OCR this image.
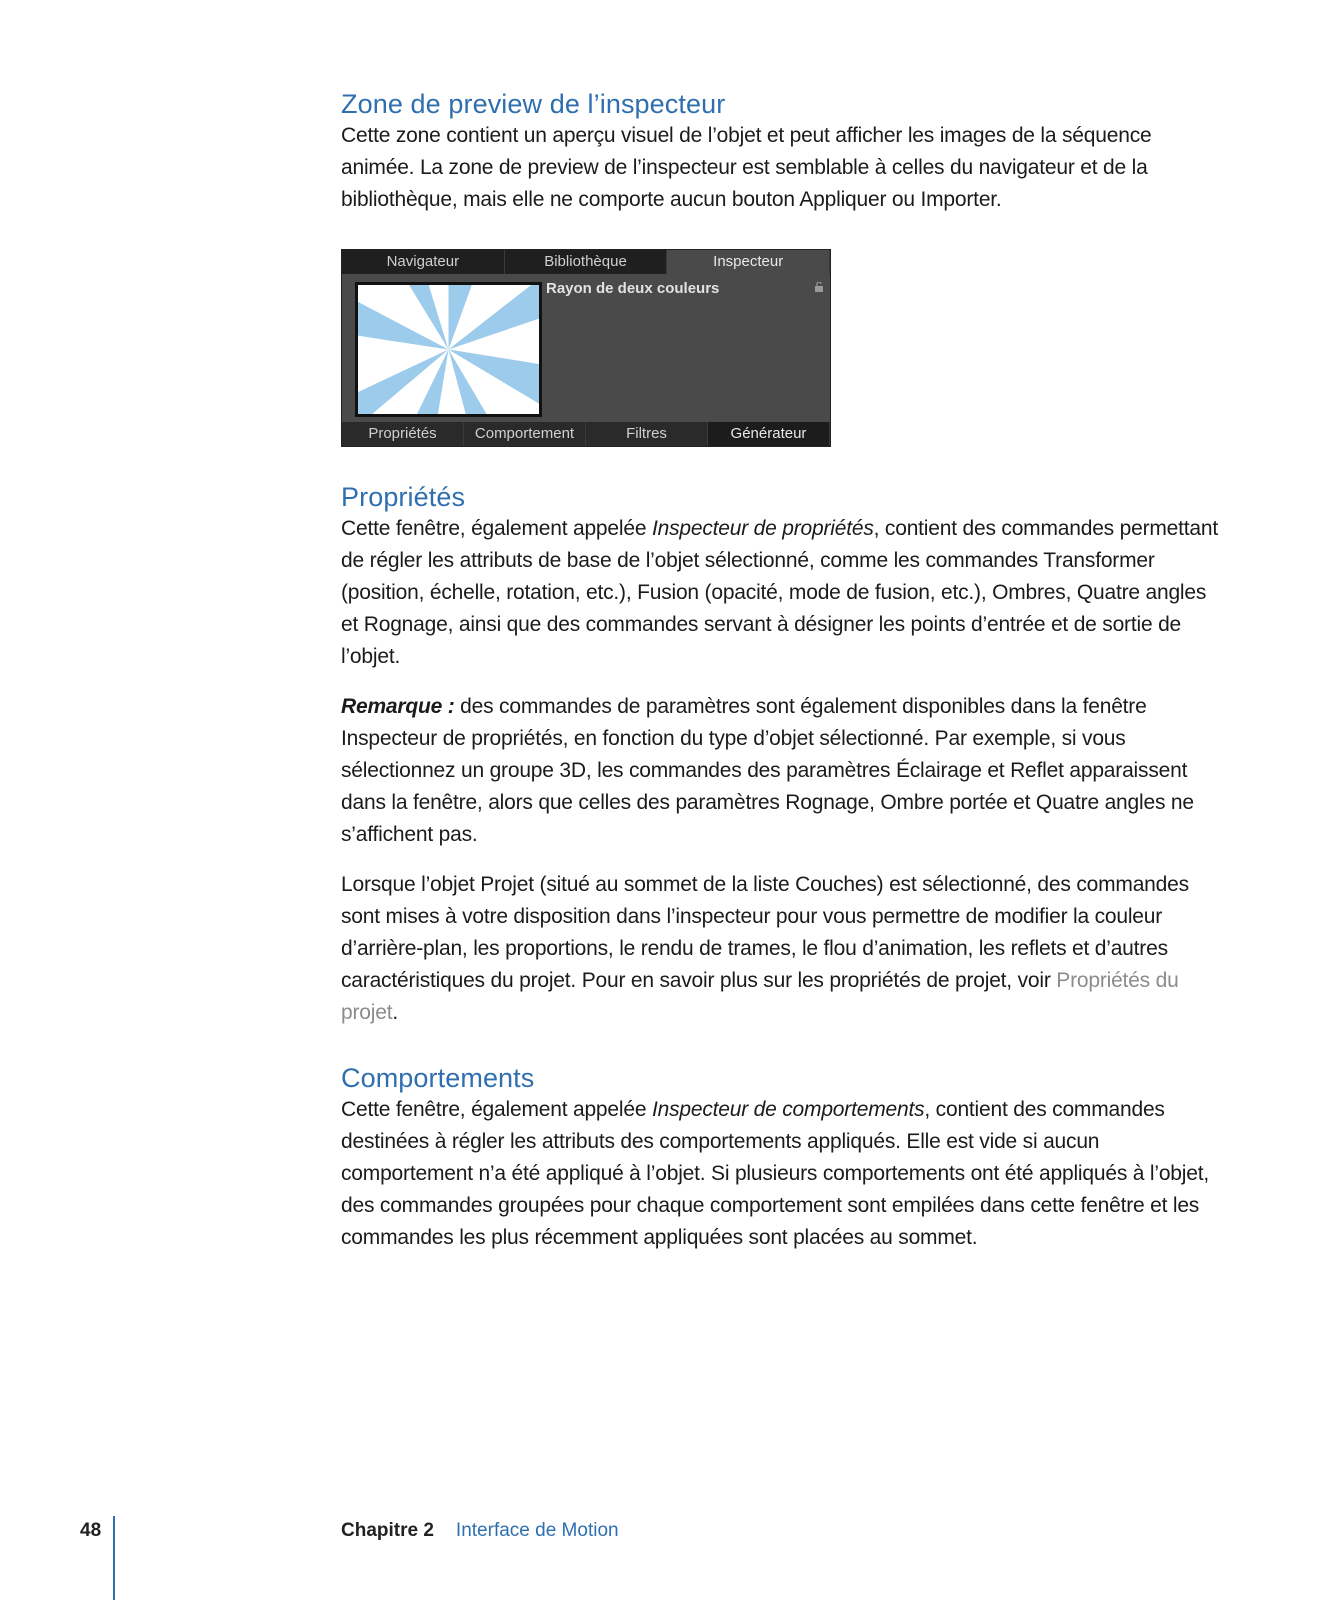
Zone de preview de l’inspecteur

Cette zone contient un aperçu visuel de l’objet et peut afficher les images de la séquence animée. La zone de preview de l’inspecteur est semblable à celles du navigateur et de la bibliothèque, mais elle ne comporte aucun bouton Appliquer ou Importer.

Navigateur	Bibliothèque	Inspecteur
Rayon de deux couleurs
Propriétés	Comportement	Filtres	Générateur
Propriétés

Cette fenêtre, également appelée Inspecteur de propriétés, contient des commandes permettant de régler les attributs de base de l’objet sélectionné, comme les commandes Transformer (position, échelle, rotation, etc.), Fusion (opacité, mode de fusion, etc.), Ombres, Quatre angles et Rognage, ainsi que des commandes servant à désigner les points d’entrée et de sortie de l’objet.

Remarque : des commandes de paramètres sont également disponibles dans la fenêtre Inspecteur de propriétés, en fonction du type d’objet sélectionné. Par exemple, si vous sélectionnez un groupe 3D, les commandes des paramètres Éclairage et Reflet apparaissent dans la fenêtre, alors que celles des paramètres Rognage, Ombre portée et Quatre angles ne s’affichent pas.

Lorsque l’objet Projet (situé au sommet de la liste Couches) est sélectionné, des commandes sont mises à votre disposition dans l’inspecteur pour vous permettre de modifier la couleur d’arrière-plan, les proportions, le rendu de trames, le flou d’animation, les reflets et d’autres caractéristiques du projet. Pour en savoir plus sur les propriétés de projet, voir Propriétés du projet.

Comportements

Cette fenêtre, également appelée Inspecteur de comportements, contient des commandes destinées à régler les attributs des comportements appliqués. Elle est vide si aucun comportement n’a été appliqué à l’objet. Si plusieurs comportements ont été appliqués à l’objet, des commandes groupées pour chaque comportement sont empilées dans cette fenêtre et les commandes les plus récemment appliquées sont placées au sommet.

48	Chapitre 2 Interface de Motion
